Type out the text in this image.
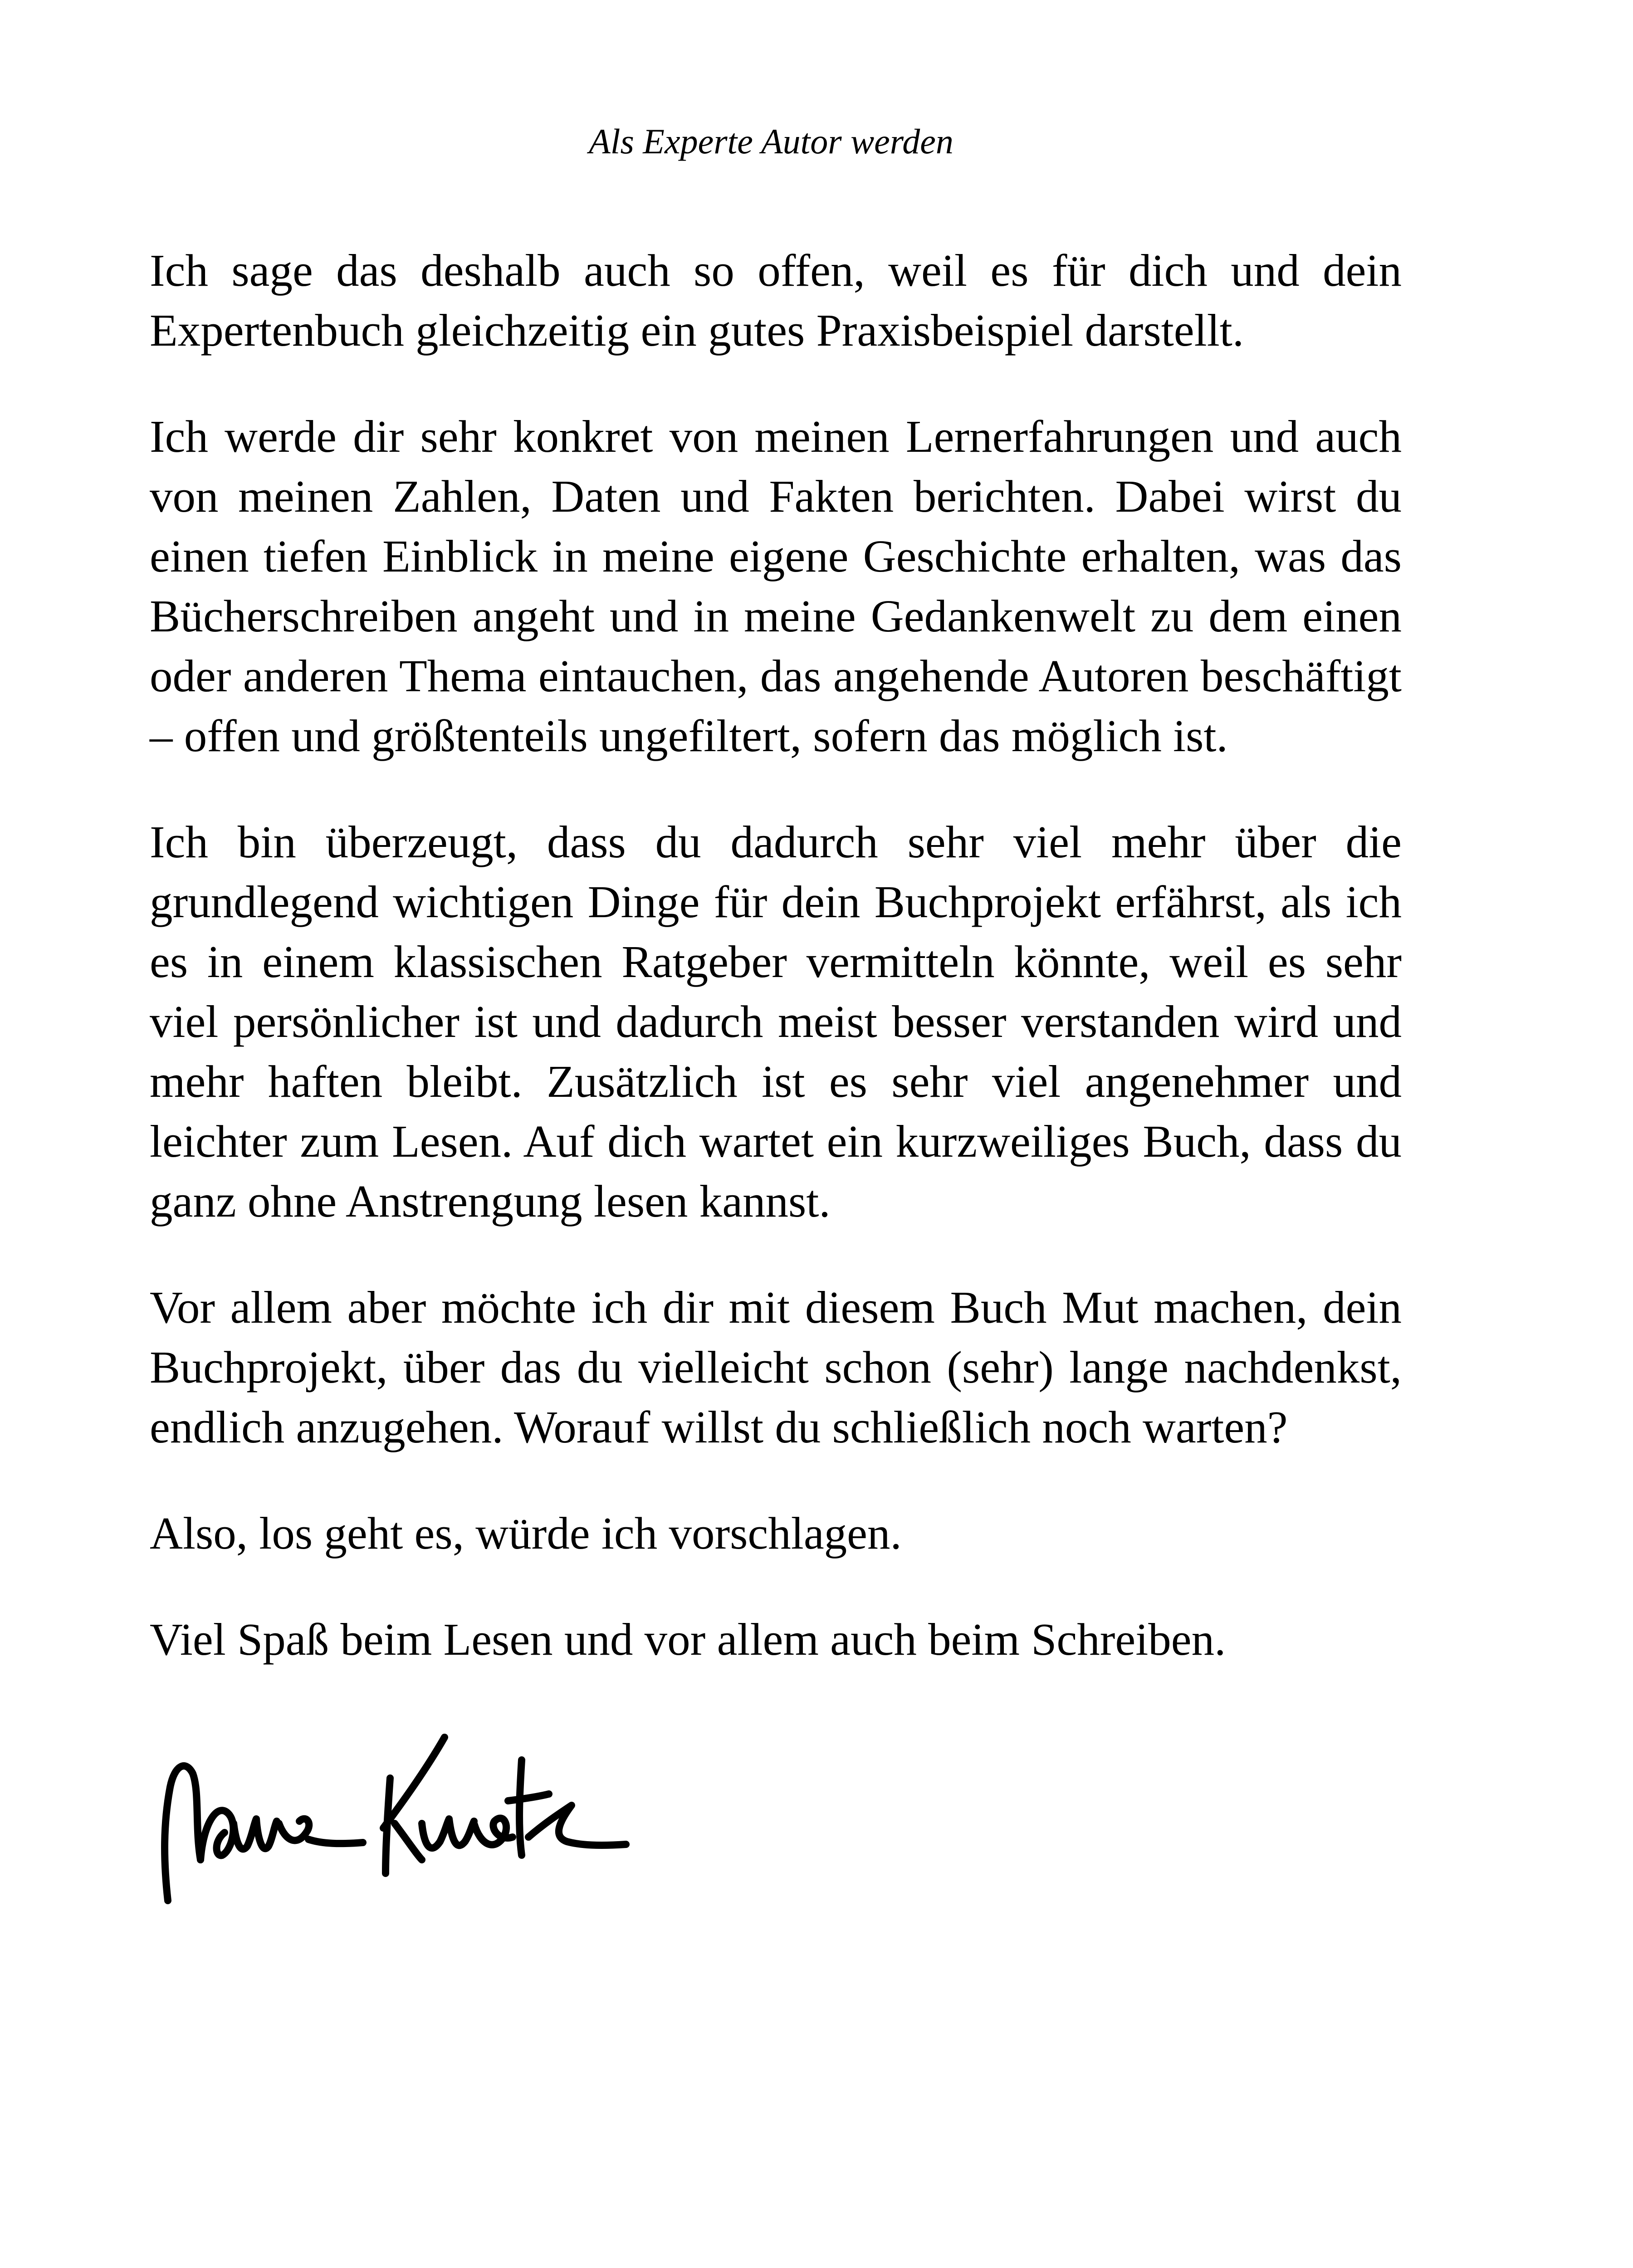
Als Experte Autor werden

Ich sage das deshalb auch so offen, weil es für dich und dein Expertenbuch gleichzeitig ein gutes Praxisbeispiel darstellt.

Ich werde dir sehr konkret von meinen Lernerfahrungen und auch von meinen Zahlen, Daten und Fakten berichten. Dabei wirst du einen tiefen Einblick in meine eigene Geschichte erhalten, was das Bücherschreiben angeht und in meine Gedankenwelt zu dem einen oder anderen Thema eintauchen, das angehende Autoren beschäftigt – offen und größtenteils ungefiltert, sofern das möglich ist.

Ich bin überzeugt, dass du dadurch sehr viel mehr über die grundlegend wichtigen Dinge für dein Buchprojekt erfährst, als ich es in einem klassischen Ratgeber vermitteln könnte, weil es sehr viel persönlicher ist und dadurch meist besser verstanden wird und mehr haften bleibt. Zusätzlich ist es sehr viel angenehmer und leichter zum Lesen. Auf dich wartet ein kurzweiliges Buch, dass du ganz ohne Anstrengung lesen kannst.

Vor allem aber möchte ich dir mit diesem Buch Mut machen, dein Buchprojekt, über das du vielleicht schon (sehr) lange nachdenkst, endlich anzugehen. Worauf willst du schließlich noch warten?

Also, los geht es, würde ich vorschlagen.

Viel Spaß beim Lesen und vor allem auch beim Schreiben.
